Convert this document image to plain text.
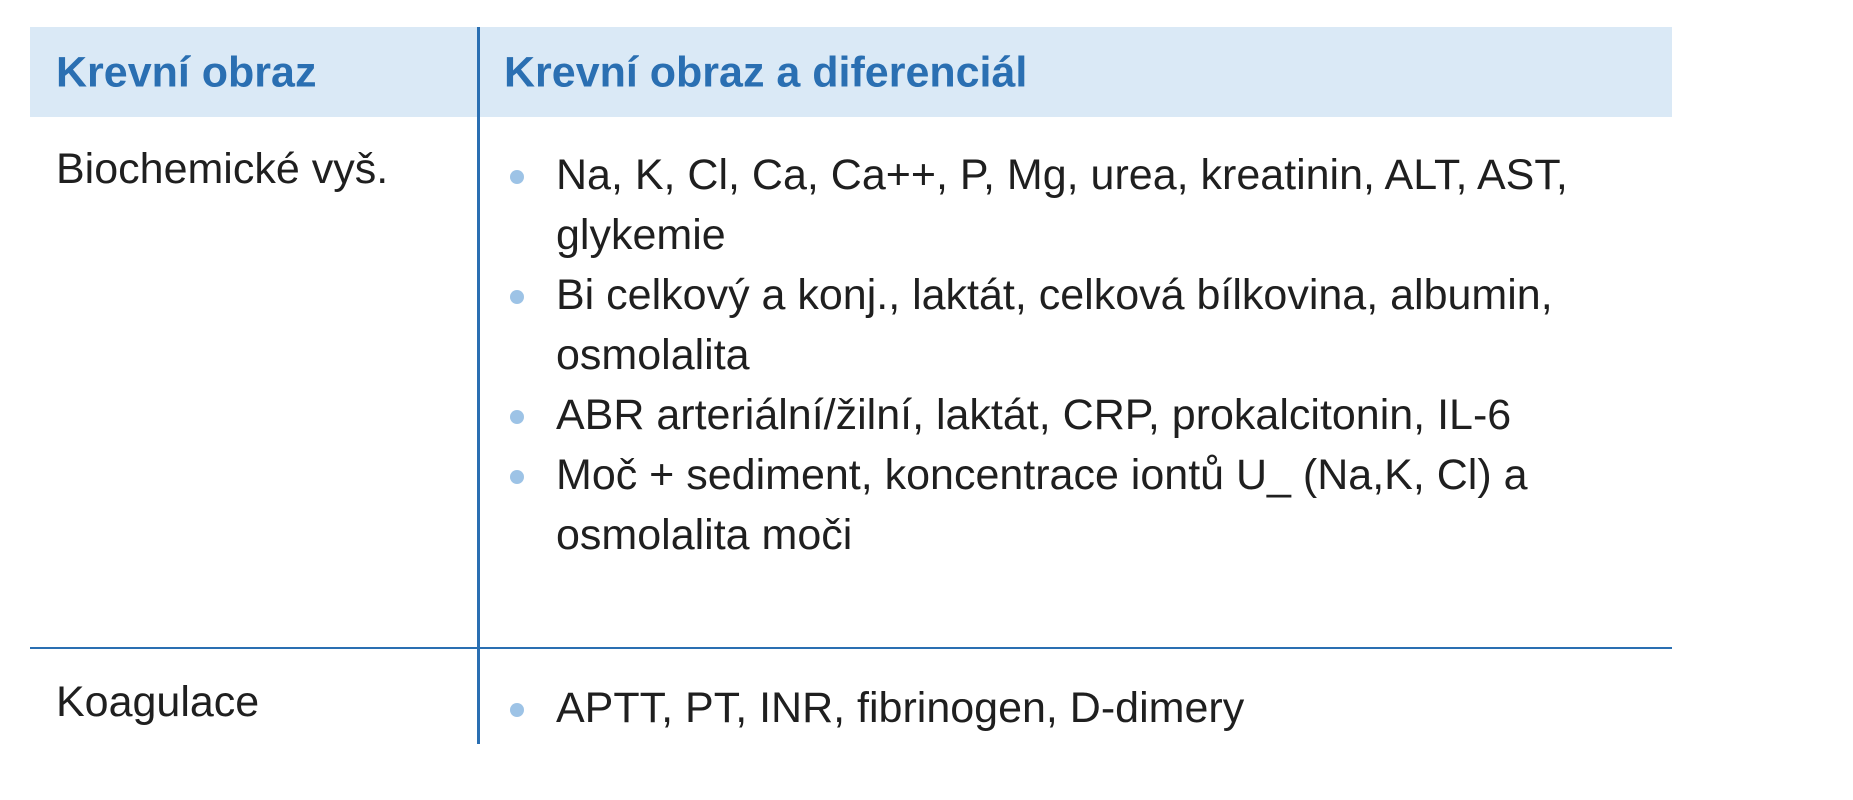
Krevní obraz	Krevní obraz a diferenciál
Biochemické vyš.	Na, K, Cl, Ca, Ca++, P, Mg, urea, kreatinin, ALT, AST, glykemie
Bi celkový a konj., laktát, celková bílkovina, albumin, osmolalita
ABR arteriální/žilní, laktát, CRP, prokalcitonin, IL-6
Moč + sediment, koncentrace iontů U_ (Na,K, Cl) a osmolalita moči
Koagulace	APTT, PT, INR, fibrinogen, D-dimery
